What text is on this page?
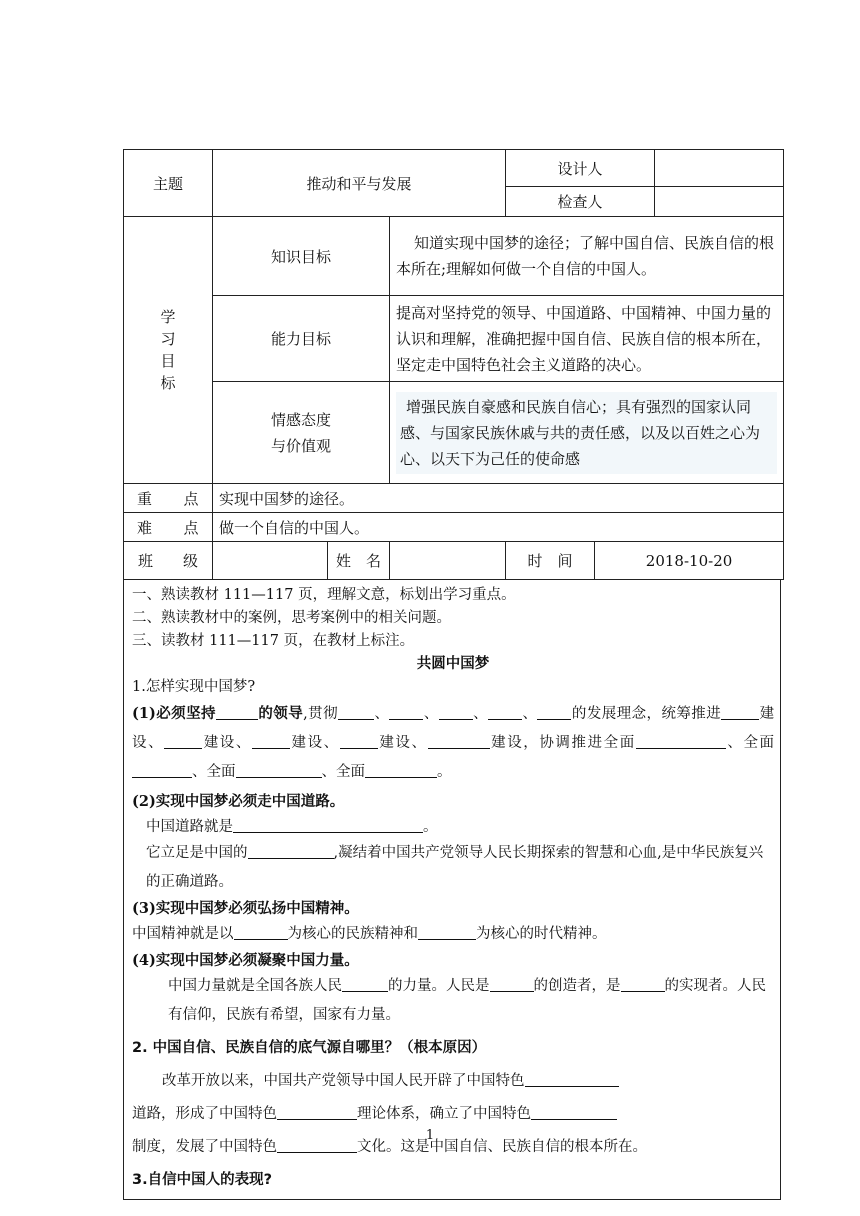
主题	推动和平与发展			设计人		
				检查人		

学
习
目
标	知识目标		知道实现中国梦的途径；了解中国自信、民族自信的根本所在;理解如何做一个自信的中国人。			
	能力目标		提高对坚持党的领导、中国道路、中国精神、中国力量的认识和理解，准确把握中国自信、民族自信的根本所在，坚定走中国特色社会主义道路的决心。			

	情感态度
与价值观		增强民族自豪感和民族自信心；具有强烈的国家认同感、与国家民族休戚与共的责任感，以及以百姓之心为心、以天下为己任的使命感			

重　　点	实现中国梦的途径。					
难　　点	做一个自信的中国人。					
班　　级		姓　名		时　间	2018-10-20	

一、熟读教材 111—117 页，理解文意，标划出学习重点。

二、熟读教材中的案例，思考案例中的相关问题。

三、读教材 111—117 页，在教材上标注。

共圆中国梦

1.怎样实现中国梦?

(1)必须坚持	的领导,贯彻 、 、 、 、 的发展理念，统筹推进	建设、	建设、	建设、	建设、	建设，协调推进全面	、全面、全面	、全面	。

(2)实现中国梦必须走中国道路。

中国道路就是	。

它立足是中国的	,凝结着中国共产党领导人民长期探索的智慧和心血,是中华民族复兴的正确道路。

(3)实现中国梦必须弘扬中国精神。

中国精神就是以	为核心的民族精神和	为核心的时代精神。

(4)实现中国梦必须凝聚中国力量。

中国力量就是全国各族人民	的力量。人民是	的创造者，是	的实现者。人民有信仰，民族有希望，国家有力量。

2. 中国自信、民族自信的底气源自哪里？（根本原因）

改革开放以来，中国共产党领导中国人民开辟了中国特色

道路，形成了中国特色	理论体系，确立了中国特色

制度，发展了中国特色	文化。这是中国自信、民族自信的根本所在。

3.自信中国人的表现?

1
